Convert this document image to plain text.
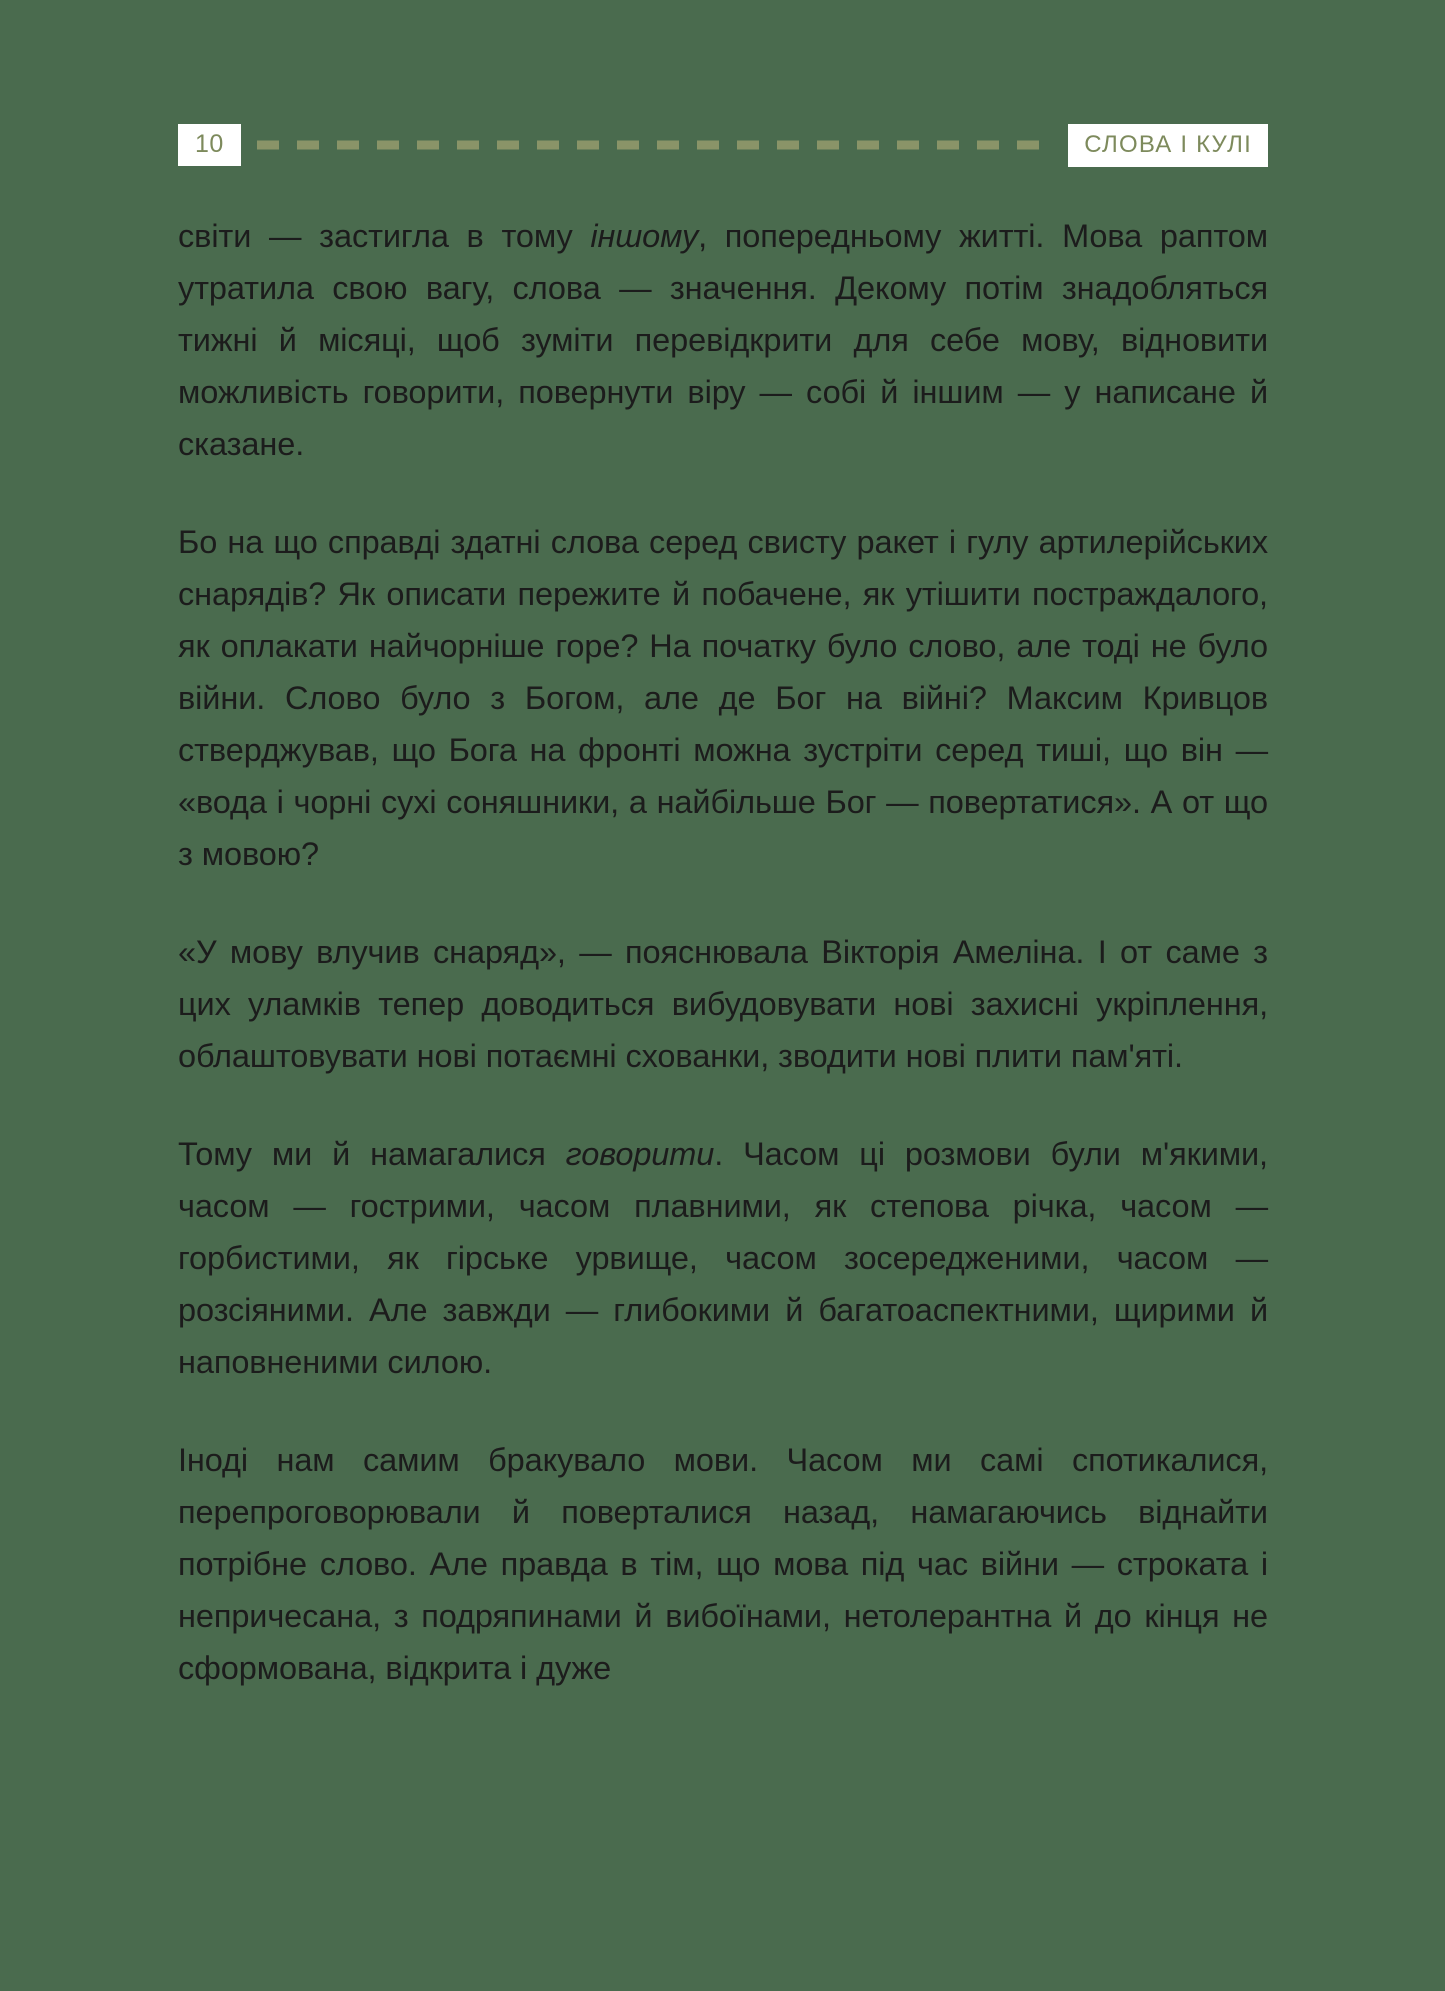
10	СЛОВА І КУЛІ

світи — застигла в тому іншому, попередньому житті. Мова раптом утратила свою вагу, слова — значення. Декому потім знадобляться тижні й місяці, щоб зуміти перевідкрити для себе мову, відновити можливість говорити, повернути віру — собі й іншим — у написане й сказане.

Бо на що справді здатні слова серед свисту ракет і гулу артилерійських снарядів? Як описати пережите й побачене, як утішити постраждалого, як оплакати найчорніше горе? На початку було слово, але тоді не було війни. Слово було з Богом, але де Бог на війні? Максим Кривцов стверджував, що Бога на фронті можна зустріти серед тиші, що він — «вода і чорні сухі соняшники, а найбільше Бог — повертатися». А от що з мовою?

«У мову влучив снаряд», — пояснювала Вікторія Амеліна. І от саме з цих уламків тепер доводиться вибудовувати нові захисні укріплення, облаштовувати нові потаємні схованки, зводити нові плити пам'яті.

Тому ми й намагалися говорити. Часом ці розмови були м'якими, часом — гострими, часом плавними, як степова річка, часом — горбистими, як гірське урвище, часом зосередженими, часом — розсіяними. Але завжди — глибокими й багатоаспектними, щирими й наповненими силою.

Іноді нам самим бракувало мови. Часом ми самі спотикалися, перепроговорювали й поверталися назад, намагаючись віднайти потрібне слово. Але правда в тім, що мова під час війни — строката і непричесана, з подряпинами й вибоїнами, нетолерантна й до кінця не сформована, відкрита і дуже
